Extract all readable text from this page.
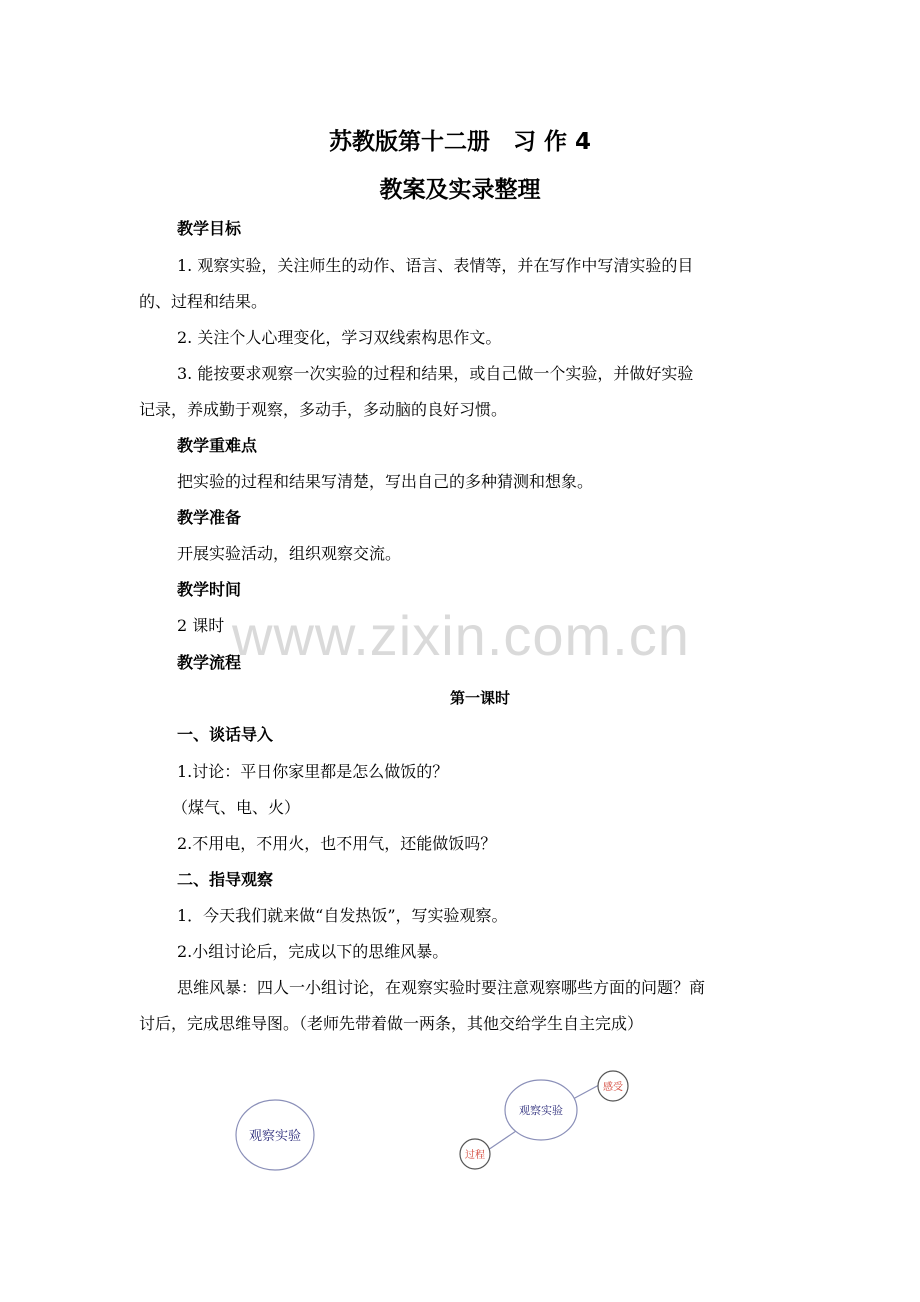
苏教版第十二册　习 作 4
教案及实录整理
教学目标
1. 观察实验，关注师生的动作、语言、表情等，并在写作中写清实验的目
的、过程和结果。
2. 关注个人心理变化，学习双线索构思作文。
3. 能按要求观察一次实验的过程和结果，或自己做一个实验，并做好实验
记录，养成勤于观察，多动手，多动脑的良好习惯。
教学重难点
把实验的过程和结果写清楚，写出自己的多种猜测和想象。
教学准备
开展实验活动，组织观察交流。
教学时间
2 课时
教学流程
第一课时
一、谈话导入
1.讨论：平日你家里都是怎么做饭的？
（煤气、电、火）
2.不用电，不用火，也不用气，还能做饭吗？
二、指导观察
1．今天我们就来做“自发热饭”，写实验观察。
2.小组讨论后，完成以下的思维风暴。
思维风暴：四人一小组讨论，在观察实验时要注意观察哪些方面的问题？商
讨后，完成思维导图。（老师先带着做一两条，其他交给学生自主完成）
www.zixin.com.cn
观察实验
观察实验
感受
过程
